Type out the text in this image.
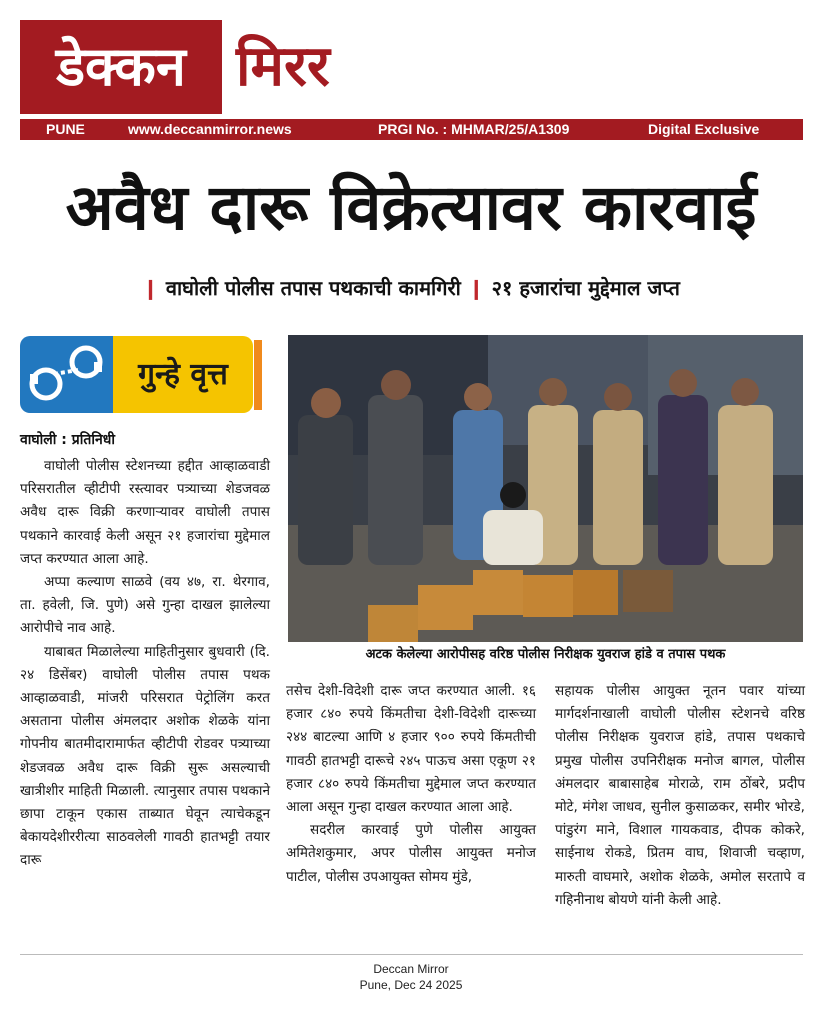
डेक्कन मिरर
PUNE	www.deccanmirror.news	PRGI No. : MHMAR/25/A1309	Digital Exclusive
अवैध दारू विक्रेत्यावर कारवाई
❙ वाघोली पोलीस तपास पथकाची कामगिरी ❙ २१ हजारांचा मुद्देमाल जप्त
गुन्हे वृत्त
वाघोली : प्रतिनिधी

वाघोली पोलीस स्टेशनच्या हद्दीत आव्हाळवाडी परिसरातील व्हीटीपी रस्त्यावर पत्र्याच्या शेडजवळ अवैध दारू विक्री करणाऱ्यावर वाघोली तपास पथकाने कारवाई केली असून २१ हजारांचा मुद्देमाल जप्त करण्यात आला आहे.

अप्पा कल्याण साळवे (वय ४७, रा. थेरगाव, ता. हवेली, जि. पुणे) असे गुन्हा दाखल झालेल्या आरोपीचे नाव आहे.

याबाबत मिळालेल्या माहितीनुसार बुधवारी (दि. २४ डिसेंबर) वाघोली पोलीस तपास पथक आव्हाळवाडी, मांजरी परिसरात पेट्रोलिंग करत असताना पोलीस अंमलदार अशोक शेळके यांना गोपनीय बातमीदारामार्फत व्हीटीपी रोडवर पत्र्याच्या शेडजवळ अवैध दारू विक्री सुरू असल्याची खात्रीशीर माहिती मिळाली. त्यानुसार तपास पथकाने छापा टाकून एकास ताब्यात घेवून त्याचेकडून बेकायदेशीररीत्या साठवलेली गावठी हातभट्टी तयार दारू

अटक केलेल्या आरोपीसह वरिष्ठ पोलीस निरीक्षक युवराज हांडे व तपास पथक

तसेच देशी-विदेशी दारू जप्त करण्यात आली. १६ हजार ८४० रुपये किंमतीचा देशी-विदेशी दारूच्या २४४ बाटल्या आणि ४ हजार ९०० रुपये किंमतीची गावठी हातभट्टी दारूचे २४५ पाऊच असा एकूण २१ हजार ८४० रुपये किंमतीचा मुद्देमाल जप्त करण्यात आला असून गुन्हा दाखल करण्यात आला आहे.

सदरील कारवाई पुणे पोलीस आयुक्त अमितेशकुमार, अपर पोलीस आयुक्त मनोज पाटील, पोलीस उपआयुक्त सोमय मुंडे,

सहायक पोलीस आयुक्त नूतन पवार यांच्या मार्गदर्शनाखाली वाघोली पोलीस स्टेशनचे वरिष्ठ पोलीस निरीक्षक युवराज हांडे, तपास पथकाचे प्रमुख पोलीस उपनिरीक्षक मनोज बागल, पोलीस अंमलदार बाबासाहेब मोराळे, राम ठोंबरे, प्रदीप मोटे, मंगेश जाधव, सुनील कुसाळकर, समीर भोरडे, पांडुरंग माने, विशाल गायकवाड, दीपक कोकरे, साईनाथ रोकडे, प्रितम वाघ, शिवाजी चव्हाण, मारुती वाघमारे, अशोक शेळके, अमोल सरतापे व गहिनीनाथ बोयणे यांनी केली आहे.

Deccan Mirror
Pune, Dec 24 2025
